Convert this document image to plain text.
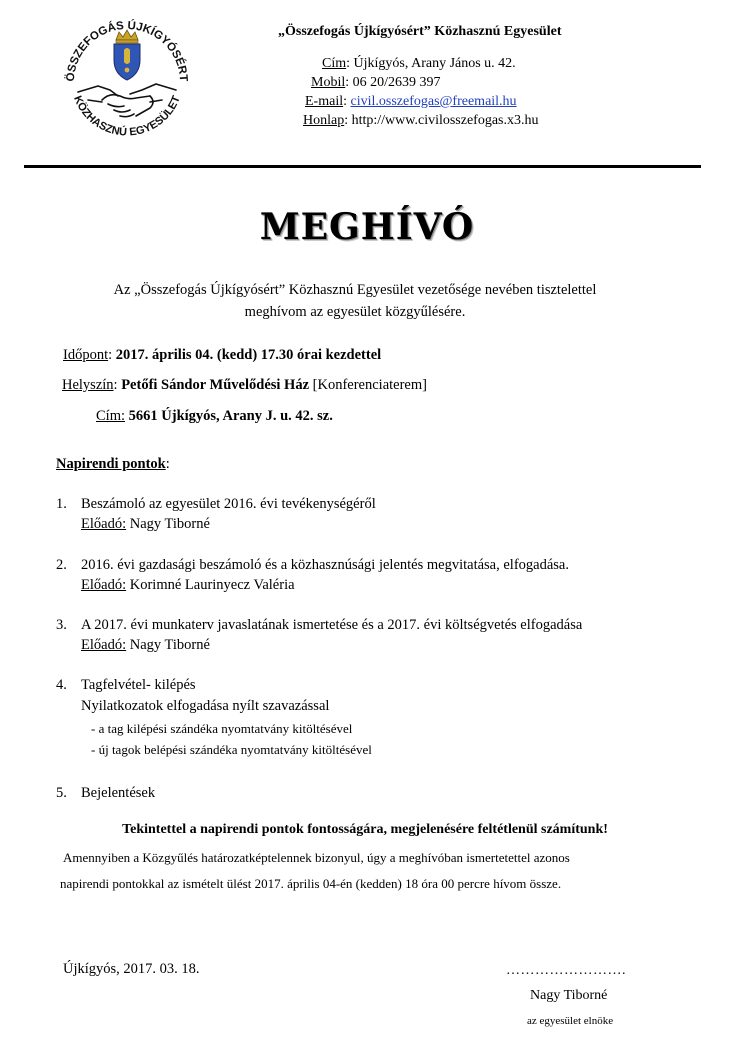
ÖSSZEFOGÁS ÚJKÍGYÓSÉRT
KÖZHASZNÚ EGYESÜLET
„Összefogás Újkígyósért” Közhasznú Egyesület
Cím: Újkígyós, Arany János u. 42.
Mobil: 06 20/2639 397
E-mail: civil.osszefogas@freemail.hu
Honlap: http://www.civilosszefogas.x3.hu
MEGHÍVÓ
Az „Összefogás Újkígyósért” Közhasznú Egyesület vezetősége nevében tisztelettel
meghívom az egyesület közgyűlésére.
Időpont: 2017. április 04. (kedd) 17.30 órai kezdettel
Helyszín: Petőfi Sándor Művelődési Ház [Konferenciaterem]
Cím: 5661 Újkígyós, Arany J. u. 42. sz.
Napirendi pontok:
1. Beszámoló az egyesület 2016. évi tevékenységéről
Előadó: Nagy Tiborné
2. 2016. évi gazdasági beszámoló és a közhasznúsági jelentés megvitatása, elfogadása.
Előadó: Korimné Laurinyecz Valéria
3. A 2017. évi munkaterv javaslatának ismertetése és a 2017. évi költségvetés elfogadása
Előadó: Nagy Tiborné
4. Tagfelvétel- kilépés
Nyilatkozatok elfogadása nyílt szavazással
- a tag kilépési szándéka nyomtatvány kitöltésével
- új tagok belépési szándéka nyomtatvány kitöltésével
5. Bejelentések
Tekintettel a napirendi pontok fontosságára, megjelenésére feltétlenül számítunk!
Amennyiben a Közgyűlés határozatképtelennek bizonyul, úgy a meghívóban ismertetettel azonos
napirendi pontokkal az ismételt ülést 2017. április 04-én (kedden) 18 óra 00 percre hívom össze.
Újkígyós, 2017. 03. 18.	…………………….
Nagy Tiborné
az egyesület elnöke
